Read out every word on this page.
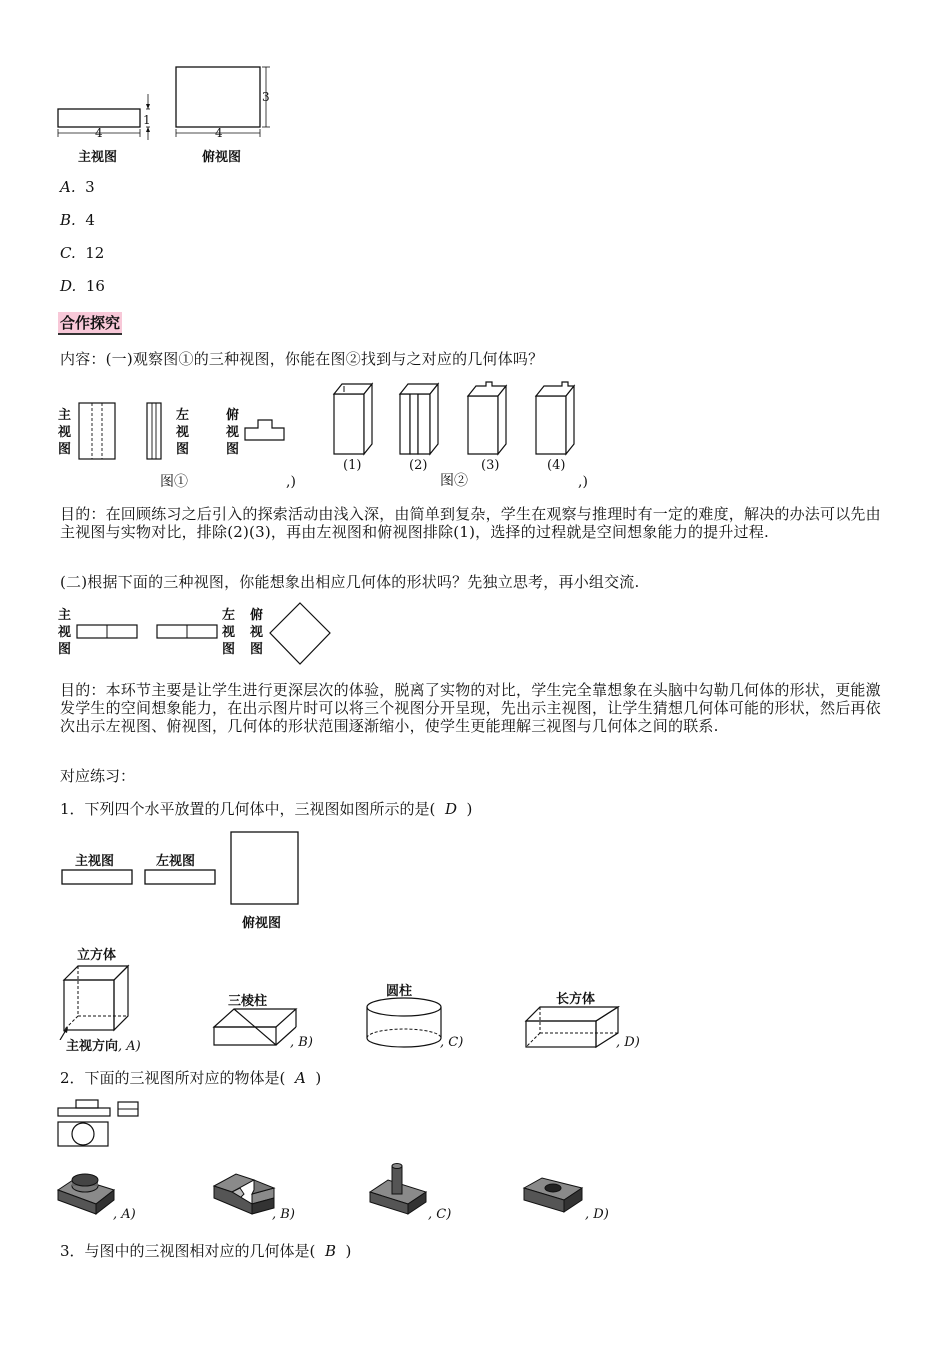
4
1
4
3
主视图	俯视图
A. 3
B. 4
C. 12
D. 16
合作探究
内容：(一)观察图①的三种视图，你能在图②找到与之对应的几何体吗？
主
视
图
左
视
图
俯
视
图
图①	,)
(1)	(2)	(3)	(4)
图②	,)
目的：在回顾练习之后引入的探索活动由浅入深，由简单到复杂，学生在观察与推理时有一定的难度，解决的办法可以先由主视图与实物对比，排除(2)(3)，再由左视图和俯视图排除(1)，选择的过程就是空间想象能力的提升过程.
(二)根据下面的三种视图，你能想象出相应几何体的形状吗？先独立思考，再小组交流.
主
视
图
左
视
图
俯
视
图
目的：本环节主要是让学生进行更深层次的体验，脱离了实物的对比，学生完全靠想象在头脑中勾勒几何体的形状，更能激发学生的空间想象能力，在出示图片时可以将三个视图分开呈现，先出示主视图，让学生猜想几何体可能的形状，然后再依次出示左视图、俯视图，几何体的形状范围逐渐缩小，使学生更能理解三视图与几何体之间的联系.
对应练习：
1．下列四个水平放置的几何体中，三视图如图所示的是( D )
主视图	左视图
俯视图
立方体
主视方向, A)
三棱柱
, B)
圆柱
, C)
长方体
, D)
2．下面的三视图所对应的物体是( A )
, A)	, B)	, C)	, D)
3．与图中的三视图相对应的几何体是( B )
